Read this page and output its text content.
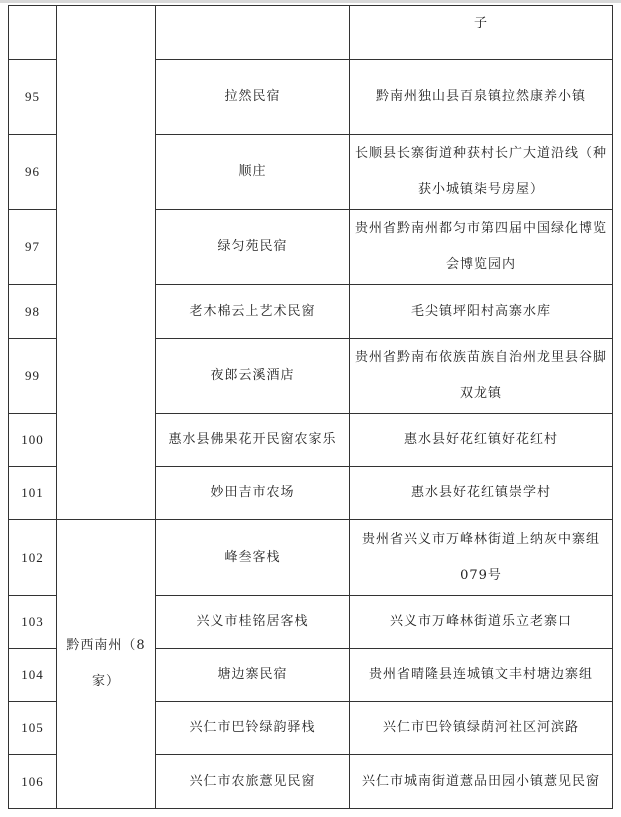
			子
95		拉然民宿	黔南州独山县百泉镇拉然康养小镇
96		顺庄	长顺县长寨街道种获村长广大道沿线（种获小城镇柒号房屋）
97		绿匀苑民宿	贵州省黔南州都匀市第四届中国绿化博览会博览园内
98		老木棉云上艺术民窗	毛尖镇坪阳村高寨水库
99		夜郎云溪酒店	贵州省黔南布依族苗族自治州龙里县谷脚双龙镇
100		惠水县佛果花开民窗农家乐	惠水县好花红镇好花红村
101		妙田吉市农场	惠水县好花红镇崇学村
102	黔西南州（8家）	峰叁客栈	贵州省兴义市万峰林街道上纳灰中寨组079号
103		兴义市桂铭居客栈	兴义市万峰林街道乐立老寨口
104		塘边寨民宿	贵州省晴隆县连城镇文丰村塘边寨组
105		兴仁市巴铃绿韵驿栈	兴仁市巴铃镇绿荫河社区河滨路
106		兴仁市农旅薏见民窗	兴仁市城南街道薏品田园小镇薏见民窗
